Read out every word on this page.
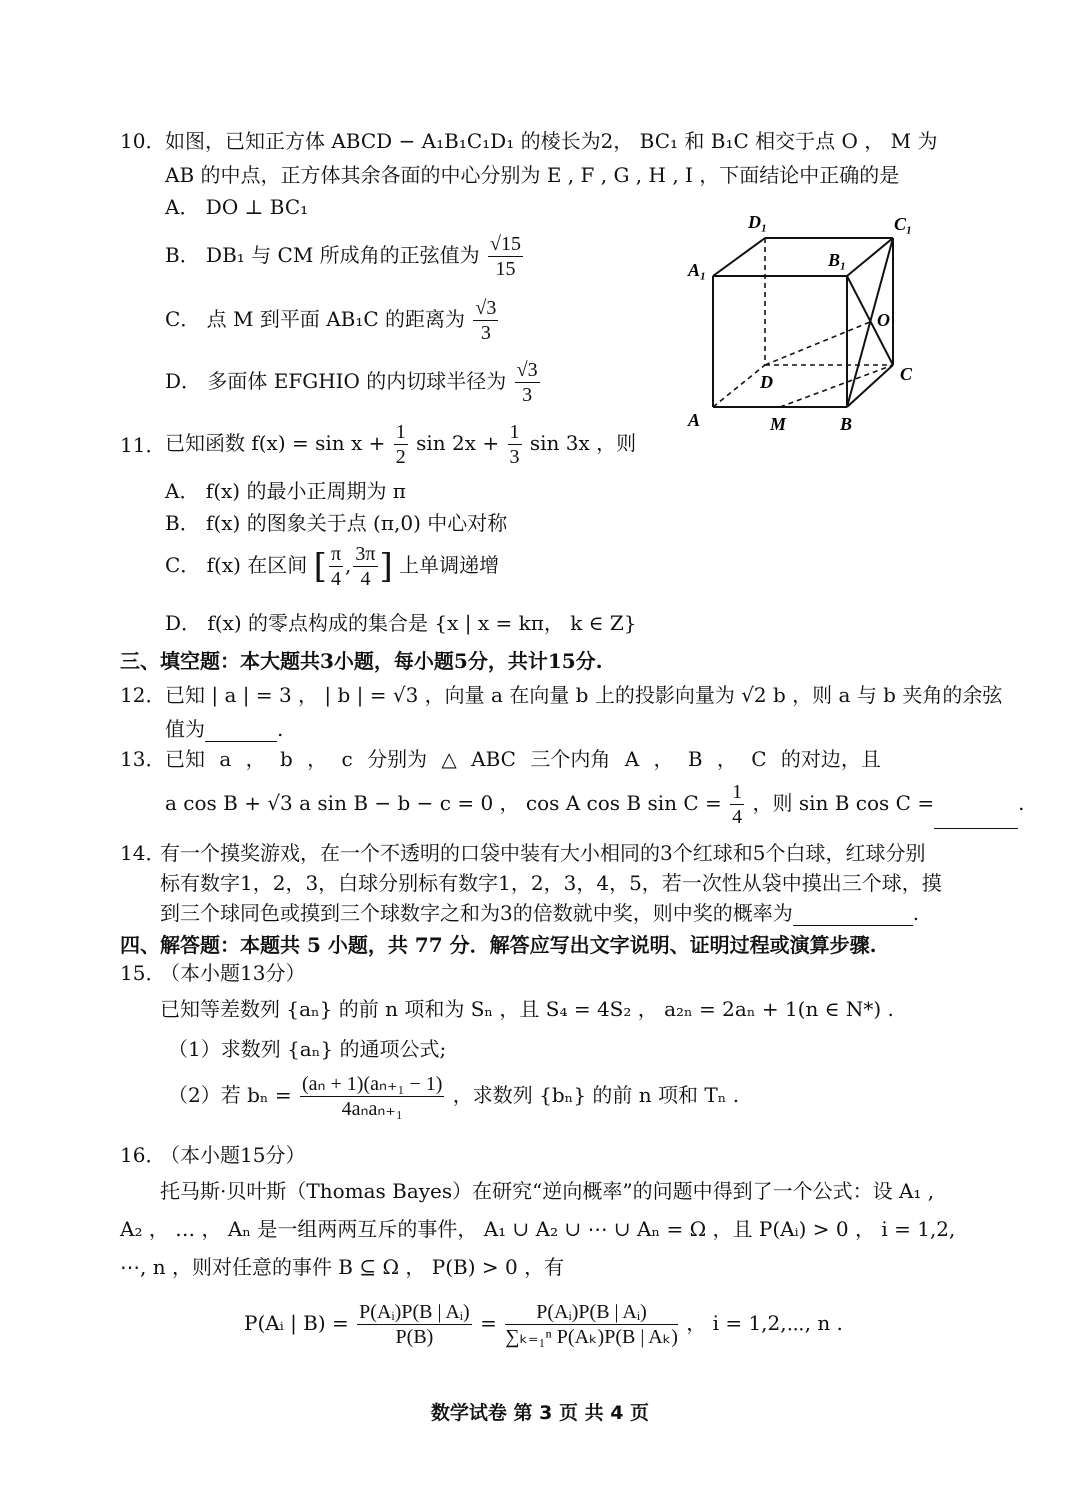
10． 如图，已知正方体 ABCD − A₁B₁C₁D₁ 的棱长为2， BC₁ 和 B₁C 相交于点 O ， M 为
AB 的中点，正方体其余各面的中心分别为 E , F , G , H , I ，下面结论中正确的是
A． DO ⊥ BC₁
B． DB₁ 与 CM 所成角的正弦值为 $\frac{√15}{15}$
C． 点 M 到平面 AB₁C 的距离为 $\frac{√3}{3}$
D． 多面体 EFGHIO 的内切球半径为 $\frac{√3}{3}$
D₁	C₁
A₁	B₁
O
D	C
A	M	B
11． 已知函数 $f(x) = \sin x + \frac{1}{2}$ $\sin 2x + \frac{1}{3}$ sin 3x ，则
A． f(x) 的最小正周期为 π
B． f(x) 的图象关于点 (π,0) 中心对称
C． f(x) 在区间 [ $\frac{\pi}{4}$ , $\frac{3\pi}{4}$ ] 上单调递增
D． f(x) 的零点构成的集合是 {x | x = kπ， k ∈ Z}
三、填空题：本大题共3小题，每小题5分，共计15分.
12． 已知 | a | = 3 ， | b | = √3 ，向量 a 在向量 b 上的投影向量为 √2 b ，则 a 与 b 夹角的余弦
值为	.
13． 已知 a ， b ， c 分别为 △ ABC 三个内角 A ， B ， C 的对边，且
a cos B + √3 a sin B − b − c = 0 ， cos A cos B $\sin C = \frac{1}{4}$ ，则 sin B cos C =	.
14．
有一个摸奖游戏，在一个不透明的口袋中装有大小相同的3个红球和5个白球，红球分别
标有数字1，2，3，白球分别标有数字1，2，3，4，5，若一次性从袋中摸出三个球，摸
到三个球同色或摸到三个球数字之和为3的倍数就中奖，则中奖的概率为	.
四、解答题：本题共 5 小题，共 77 分．解答应写出文字说明、证明过程或演算步骤.
15．
（本小题13分）
已知等差数列 {aₙ} 的前 n 项和为 Sₙ ，且 S₄ = 4S₂ ， a₂ₙ = 2aₙ + 1(n ∈ N*) .
（1）求数列 {aₙ} 的通项公式;
（2）若 $b_n = \frac{\text{(aₙ + 1)(aₙ₊₁ − 1)}}{\text{4aₙaₙ₊₁}}$ ，求数列 {bₙ} 的前 n 项和 Tₙ .
16．
（本小题15分）
托马斯·贝叶斯（Thomas Bayes）在研究“逆向概率”的问题中得到了一个公式：设 A₁ ,
A₂ ， … ， Aₙ 是一组两两互斥的事件， A₁ ∪ A₂ ∪ ⋯ ∪ Aₙ = Ω ，且 P(Aᵢ) > 0 ， i = 1,2,
⋯, n ，则对任意的事件 B ⊆ Ω ， P(B) > 0 ，有
P(Aᵢ | $B) = \frac{\text{P(Aᵢ)P(B | Aᵢ)}}{P(B)} = \frac{\text{P(Aᵢ)P(B | Aᵢ)}}{\text{∑ₖ₌₁ⁿ P(Aₖ)P(B | Aₖ)}}$ ， i = 1,2,⋯, n .
数学试卷 第 3 页 共 4 页
